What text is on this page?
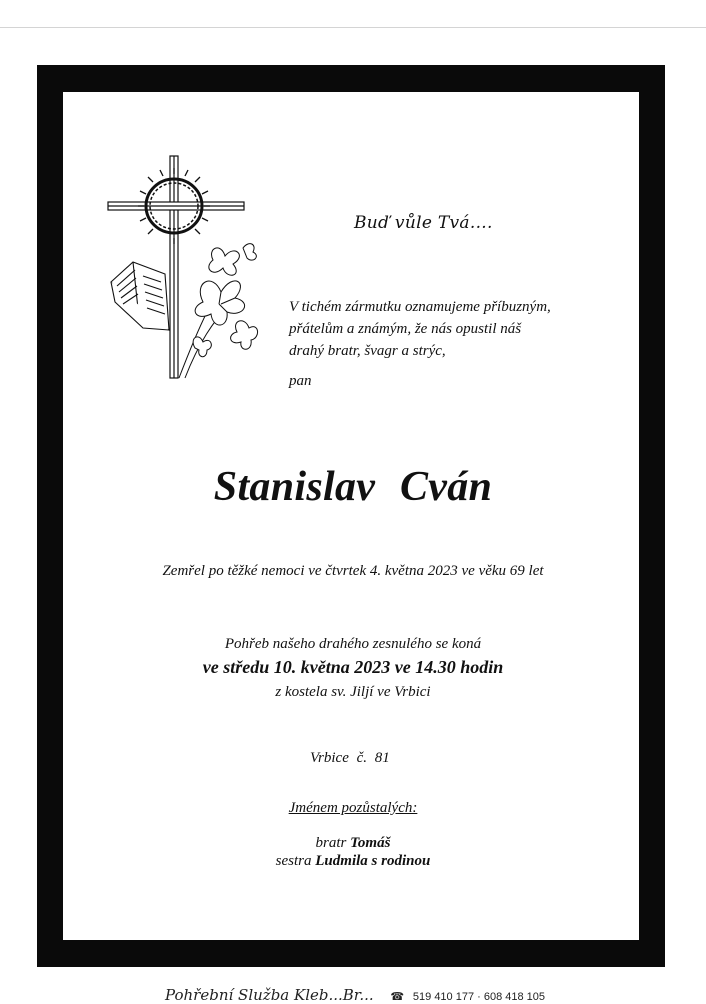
Buď vůle Tvá....
V tichém zármutku oznamujeme příbuzným,
přátelům a známým, že nás opustil náš
drahý bratr, švagr a strýc,
pan
Stanislav Cván
Zemřel po těžké nemoci ve čtvrtek 4. května 2023 ve věku 69 let
Pohřeb našeho drahého zesnulého se koná
ve středu 10. května 2023 ve 14.30 hodin
z kostela sv. Jiljí ve Vrbici
Vrbice č. 81
Jménem pozůstalých:
bratr Tomáš
sestra Ludmila s rodinou
Pohřební Služba Kleb...Br... ☎ 519 410 177 · 608 418 105
